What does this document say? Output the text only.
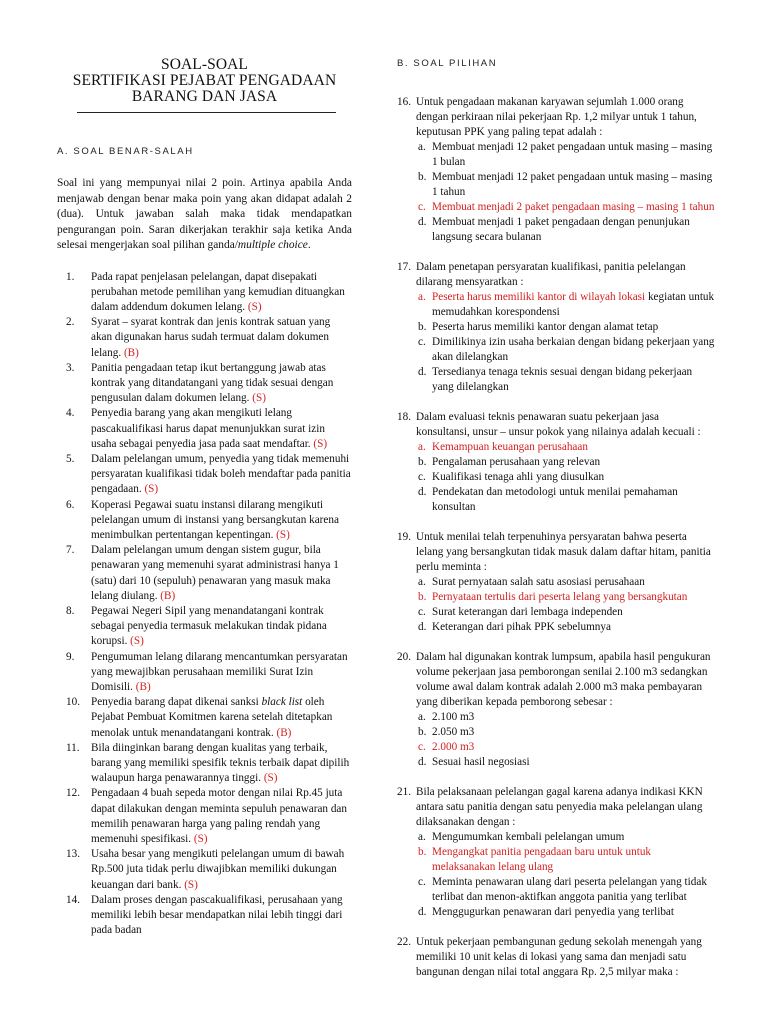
SOAL-SOAL
SERTIFIKASI PEJABAT PENGADAAN
BARANG DAN JASA
A. SOAL BENAR-SALAH
Soal ini yang mempunyai nilai 2 poin. Artinya apabila Anda menjawab dengan benar maka poin yang akan didapat adalah 2 (dua). Untuk jawaban salah maka tidak mendapatkan pengurangan poin. Saran dikerjakan terakhir saja ketika Anda selesai mengerjakan soal pilihan ganda/multiple choice.
1. Pada rapat penjelasan pelelangan, dapat disepakati perubahan metode pemilihan yang kemudian dituangkan dalam addendum dokumen lelang. (S)
2. Syarat – syarat kontrak dan jenis kontrak satuan yang akan digunakan harus sudah termuat dalam dokumen lelang. (B)
3. Panitia pengadaan tetap ikut bertanggung jawab atas kontrak yang ditandatangani yang tidak sesuai dengan pengusulan dalam dokumen lelang. (S)
4. Penyedia barang yang akan mengikuti lelang pascakualifikasi harus dapat menunjukkan surat izin usaha sebagai penyedia jasa pada saat mendaftar. (S)
5. Dalam pelelangan umum, penyedia yang tidak memenuhi persyaratan kualifikasi tidak boleh mendaftar pada panitia pengadaan. (S)
6. Koperasi Pegawai suatu instansi dilarang mengikuti pelelangan umum di instansi yang bersangkutan karena menimbulkan pertentangan kepentingan. (S)
7. Dalam pelelangan umum dengan sistem gugur, bila penawaran yang memenuhi syarat administrasi hanya 1 (satu) dari 10 (sepuluh) penawaran yang masuk maka lelang diulang. (B)
8. Pegawai Negeri Sipil yang menandatangani kontrak sebagai penyedia termasuk melakukan tindak pidana korupsi. (S)
9. Pengumuman lelang dilarang mencantumkan persyaratan yang mewajibkan perusahaan memiliki Surat Izin Domisili. (B)
10. Penyedia barang dapat dikenai sanksi black list oleh Pejabat Pembuat Komitmen karena setelah ditetapkan menolak untuk menandatangani kontrak. (B)
11. Bila diinginkan barang dengan kualitas yang terbaik, barang yang memiliki spesifik teknis terbaik dapat dipilih walaupun harga penawarannya tinggi. (S)
12. Pengadaan 4 buah sepeda motor dengan nilai Rp.45 juta dapat dilakukan dengan meminta sepuluh penawaran dan memilih penawaran harga yang paling rendah yang memenuhi spesifikasi. (S)
13. Usaha besar yang mengikuti pelelangan umum di bawah Rp.500 juta tidak perlu diwajibkan memiliki dukungan keuangan dari bank. (S)
14. Dalam proses dengan pascakualifikasi, perusahaan yang memiliki lebih besar mendapatkan nilai lebih tinggi dari pada badan
B. SOAL PILIHAN
16. Untuk pengadaan makanan karyawan sejumlah 1.000 orang dengan perkiraan nilai pekerjaan Rp. 1,2 milyar untuk 1 tahun, keputusan PPK yang paling tepat adalah :
a. Membuat menjadi 12 paket pengadaan untuk masing – masing 1 bulan
b. Membuat menjadi 12 paket pengadaan untuk masing – masing 1 tahun
c. Membuat menjadi 2 paket pengadaan masing – masing 1 tahun
d. Membuat menjadi 1 paket pengadaan dengan penunjukan langsung secara bulanan
17. Dalam penetapan persyaratan kualifikasi, panitia pelelangan dilarang mensyaratkan :
a. Peserta harus memiliki kantor di wilayah lokasi kegiatan untuk memudahkan korespondensi
b. Peserta harus memiliki kantor dengan alamat tetap
c. Dimilikinya izin usaha berkaian dengan bidang pekerjaan yang akan dilelangkan
d. Tersedianya tenaga teknis sesuai dengan bidang pekerjaan yang dilelangkan
18. Dalam evaluasi teknis penawaran suatu pekerjaan jasa konsultansi, unsur – unsur pokok yang nilainya adalah kecuali :
a. Kemampuan keuangan perusahaan
b. Pengalaman perusahaan yang relevan
c. Kualifikasi tenaga ahli yang diusulkan
d. Pendekatan dan metodologi untuk menilai pemahaman konsultan
19. Untuk menilai telah terpenuhinya persyaratan bahwa peserta lelang yang bersangkutan tidak masuk dalam daftar hitam, panitia perlu meminta :
a. Surat pernyataan salah satu asosiasi perusahaan
b. Pernyataan tertulis dari peserta lelang yang bersangkutan
c. Surat keterangan dari lembaga independen
d. Keterangan dari pihak PPK sebelumnya
20. Dalam hal digunakan kontrak lumpsum, apabila hasil pengukuran volume pekerjaan jasa pemborongan senilai 2.100 m3 sedangkan volume awal dalam kontrak adalah 2.000 m3 maka pembayaran yang diberikan kepada pemborong sebesar :
a. 2.100 m3
b. 2.050 m3
c. 2.000 m3
d. Sesuai hasil negosiasi
21. Bila pelaksanaan pelelangan gagal karena adanya indikasi KKN antara satu panitia dengan satu penyedia maka pelelangan ulang dilaksanakan dengan :
a. Mengumumkan kembali pelelangan umum
b. Mengangkat panitia pengadaan baru untuk untuk melaksanakan lelang ulang
c. Meminta penawaran ulang dari peserta pelelangan yang tidak terlibat dan menon-aktifkan anggota panitia yang terlibat
d. Menggugurkan penawaran dari penyedia yang terlibat
22. Untuk pekerjaan pembangunan gedung sekolah menengah yang memiliki 10 unit kelas di lokasi yang sama dan menjadi satu bangunan dengan nilai total anggara Rp. 2,5 milyar maka :
